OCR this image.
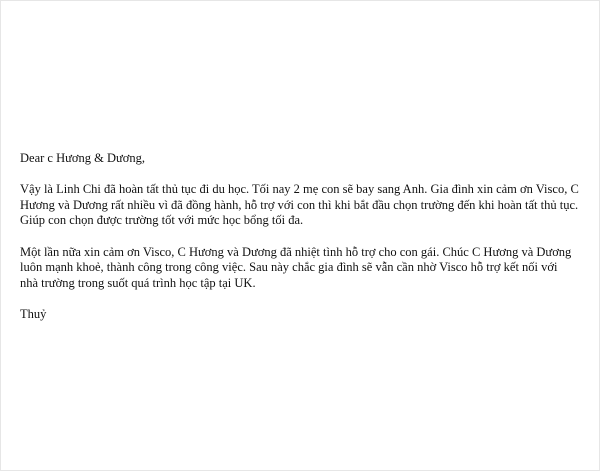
Dear c Hương & Dương,

Vậy là Linh Chi đã hoàn tất thủ tục đi du học. Tối nay 2 mẹ con sẽ bay sang Anh. Gia đình xin cảm ơn Visco, C Hương và Dương rất nhiều vì đã đồng hành, hỗ trợ với con thì khi bắt đầu chọn trường đến khi hoàn tất thủ tục. Giúp con chọn được trường tốt với mức học bổng tối đa.

Một lần nữa xin cảm ơn Visco, C Hương và Dương đã nhiệt tình hỗ trợ cho con gái. Chúc C Hương và Dương luôn mạnh khoẻ, thành công trong công việc. Sau này chắc gia đình sẽ vẫn cần nhờ Visco hỗ trợ kết nối với nhà trường trong suốt quá trình học tập tại UK.

Thuỷ
